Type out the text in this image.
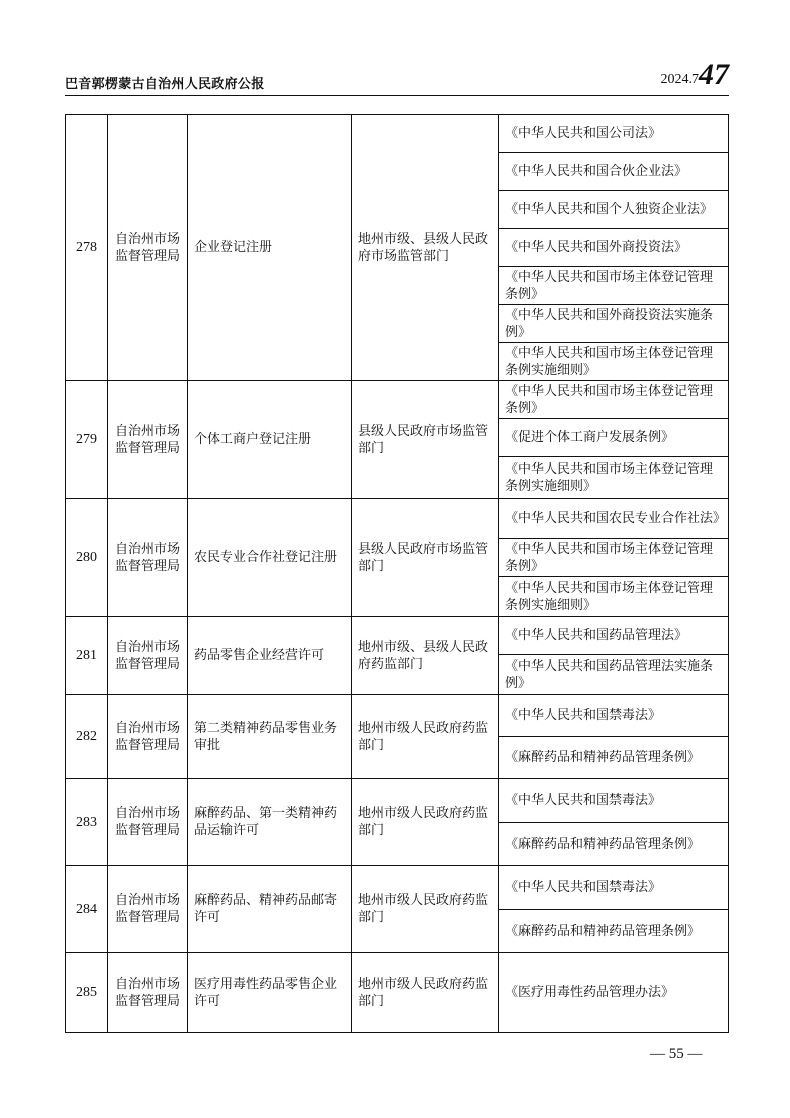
巴音郭楞蒙古自治州人民政府公报	2024.7 47
278	自治州市场监督管理局	企业登记注册	地州市级、县级人民政府市场监管部门	《中华人民共和国公司法》
				《中华人民共和国合伙企业法》
				《中华人民共和国个人独资企业法》
				《中华人民共和国外商投资法》
				《中华人民共和国市场主体登记管理条例》
				《中华人民共和国外商投资法实施条例》
				《中华人民共和国市场主体登记管理条例实施细则》
279	自治州市场监督管理局	个体工商户登记注册	县级人民政府市场监管部门	《中华人民共和国市场主体登记管理条例》
				《促进个体工商户发展条例》
				《中华人民共和国市场主体登记管理条例实施细则》
280	自治州市场监督管理局	农民专业合作社登记注册	县级人民政府市场监管部门	《中华人民共和国农民专业合作社法》
				《中华人民共和国市场主体登记管理条例》
				《中华人民共和国市场主体登记管理条例实施细则》
281	自治州市场监督管理局	药品零售企业经营许可	地州市级、县级人民政府药监部门	《中华人民共和国药品管理法》
				《中华人民共和国药品管理法实施条例》
282	自治州市场监督管理局	第二类精神药品零售业务审批	地州市级人民政府药监部门	《中华人民共和国禁毒法》
				《麻醉药品和精神药品管理条例》
283	自治州市场监督管理局	麻醉药品、第一类精神药品运输许可	地州市级人民政府药监部门	《中华人民共和国禁毒法》
				《麻醉药品和精神药品管理条例》
284	自治州市场监督管理局	麻醉药品、精神药品邮寄许可	地州市级人民政府药监部门	《中华人民共和国禁毒法》
				《麻醉药品和精神药品管理条例》
285	自治州市场监督管理局	医疗用毒性药品零售企业许可	地州市级人民政府药监部门	《医疗用毒性药品管理办法》
— 55 —
